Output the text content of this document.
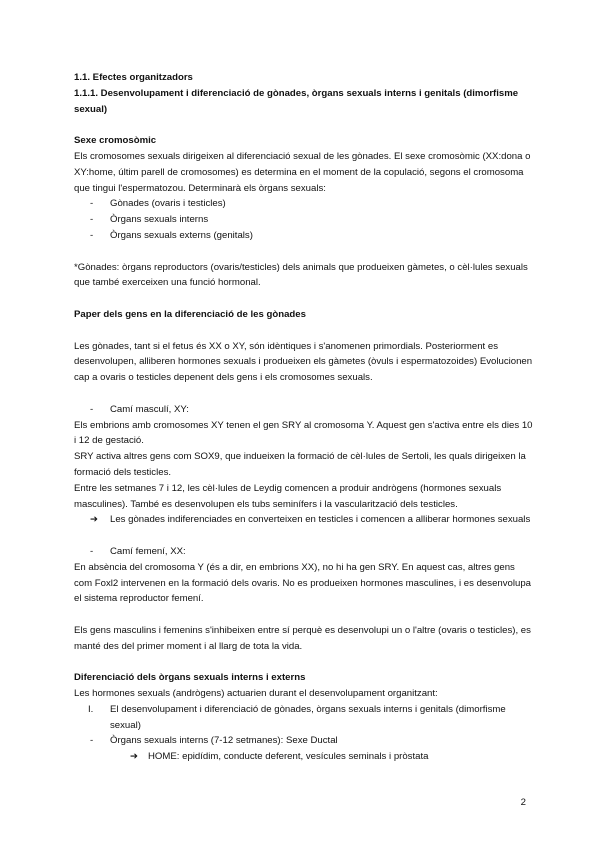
1.1. Efectes organitzadors

1.1.1. Desenvolupament i diferenciació de gònades, òrgans sexuals interns i genitals (dimorfisme sexual)

Sexe cromosòmic

Els cromosomes sexuals dirigeixen al diferenciació sexual de les gònades. El sexe cromosòmic (XX:dona o XY:home, últim parell de cromosomes) es determina en el moment de la copulació, segons el cromosoma que tingui l'espermatozou. Determinarà els òrgans sexuals:

- Gònades (ovaris i testicles)
- Òrgans sexuals interns
- Òrgans sexuals externs (genitals)

*Gònades: òrgans reproductors (ovaris/testicles) dels animals que produeixen gàmetes, o cèl·lules sexuals que també exerceixen una funció hormonal.

Paper dels gens en la diferenciació de les gònades

Les gònades, tant si el fetus és XX o XY, són idèntiques i s'anomenen primordials. Posteriorment es desenvolupen, alliberen hormones sexuals i produeixen els gàmetes (òvuls i espermatozoides) Evolucionen cap a ovaris o testicles depenent dels gens i els cromosomes sexuals.

- Camí masculí, XY:

Els embrions amb cromosomes XY tenen el gen SRY al cromosoma Y. Aquest gen s'activa entre els dies 10 i 12 de gestació.

SRY activa altres gens com SOX9, que indueixen la formació de cèl·lules de Sertoli, les quals dirigeixen la formació dels testicles.

Entre les setmanes 7 i 12, les cèl·lules de Leydig comencen a produir andrògens (hormones sexuals masculines). També es desenvolupen els tubs seminífers i la vascularització dels testicles.

➔ Les gònades indiferenciades en converteixen en testicles i comencen a alliberar hormones sexuals
- Camí femení, XX:

En absència del cromosoma Y (és a dir, en embrions XX), no hi ha gen SRY. En aquest cas, altres gens com Foxl2 intervenen en la formació dels ovaris. No es produeixen hormones masculines, i es desenvolupa el sistema reproductor femení.

Els gens masculins i femenins s'inhibeixen entre sí perquè es desenvolupi un o l'altre (ovaris o testicles), es manté des del primer moment i al llarg de tota la vida.

Diferenciació dels òrgans sexuals interns i externs

Les hormones sexuals (andrògens) actuarien durant el desenvolupament organitzant:

I. El desenvolupament i diferenciació de gònades, òrgans sexuals interns i genitals (dimorfisme sexual)
- Òrgans sexuals interns (7-12 setmanes): Sexe Ductal
➔ HOME: epidídim, conducte deferent, vesícules seminals i pròstata
2
